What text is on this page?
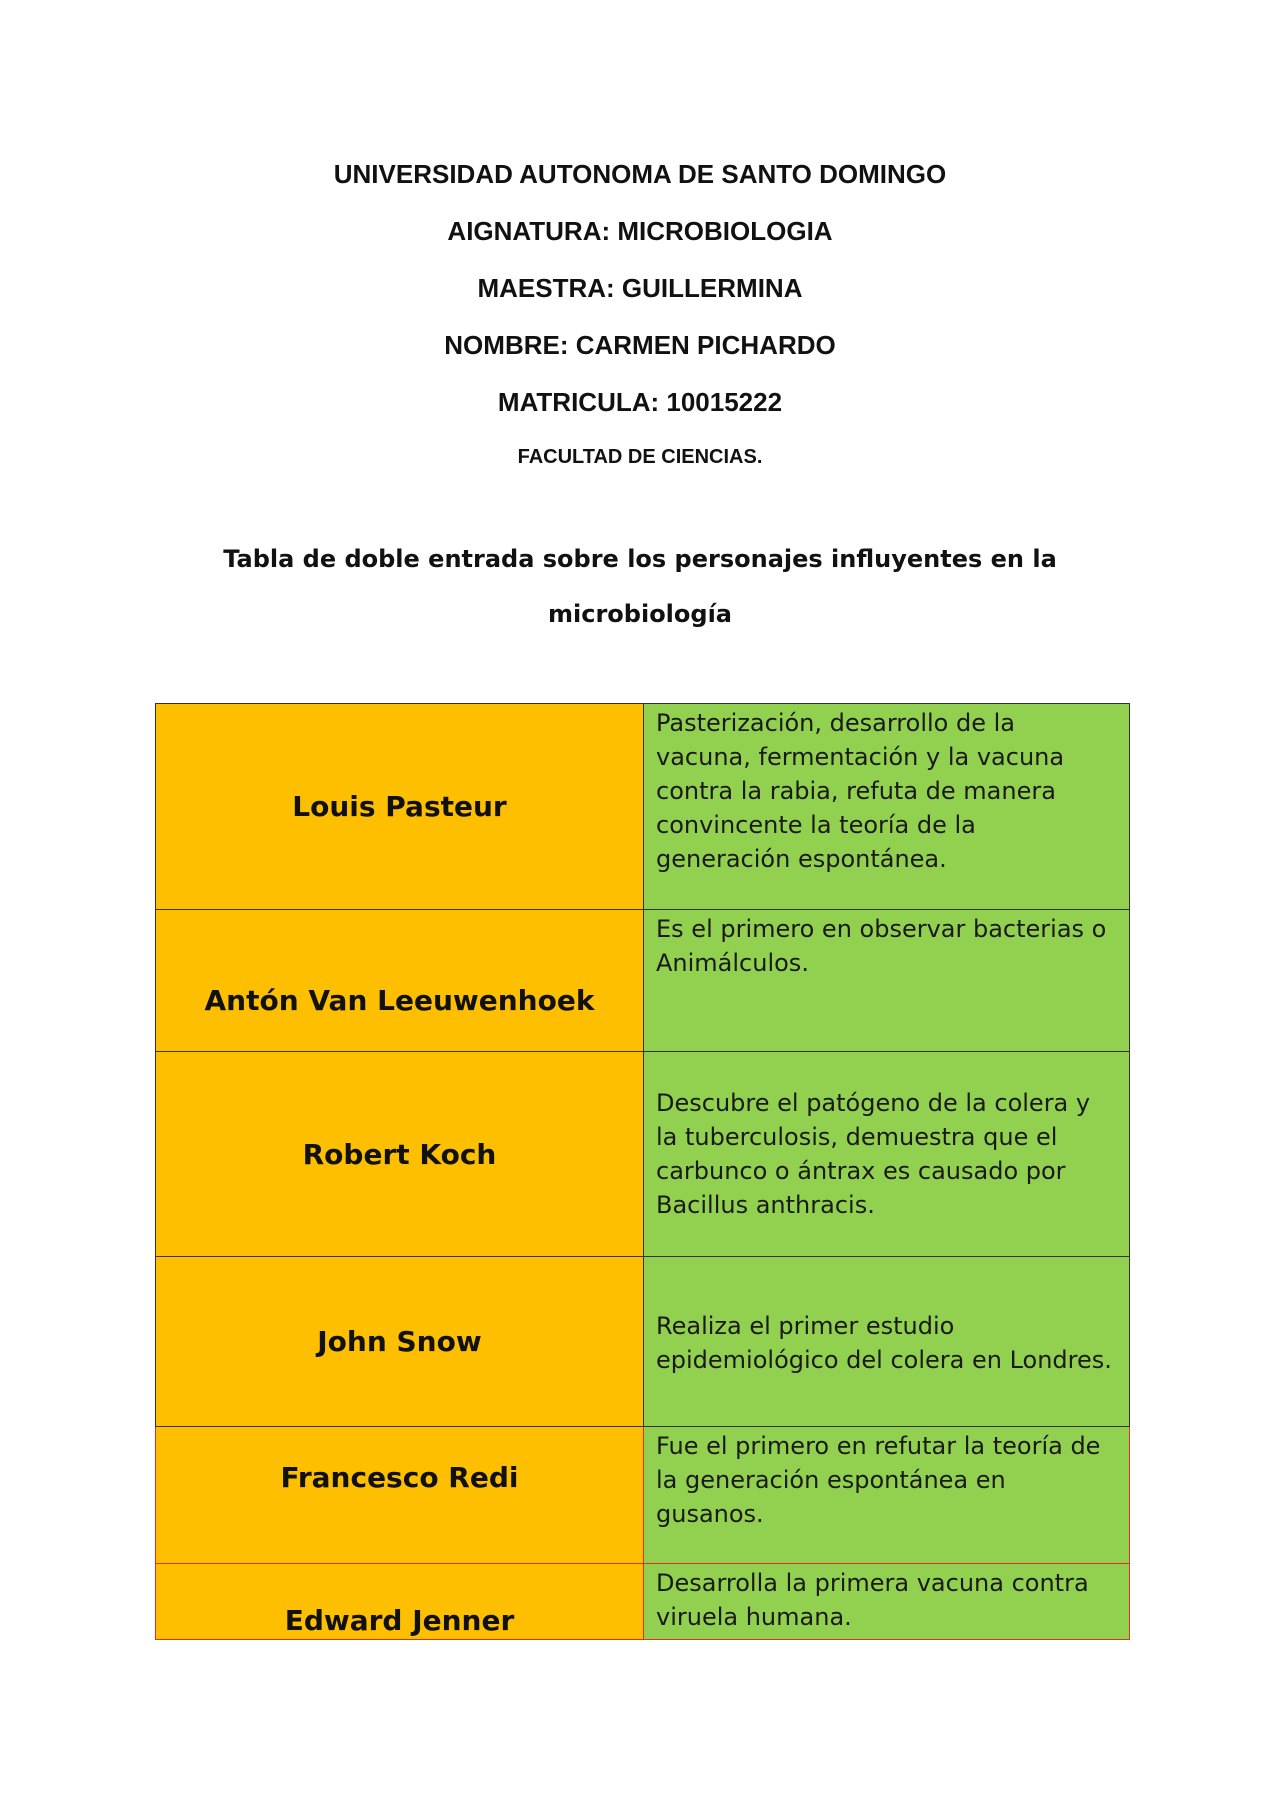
UNIVERSIDAD AUTONOMA DE SANTO DOMINGO
AIGNATURA: MICROBIOLOGIA
MAESTRA: GUILLERMINA
NOMBRE: CARMEN PICHARDO
MATRICULA: 10015222
FACULTAD DE CIENCIAS.
Tabla de doble entrada sobre los personajes influyentes en la
microbiología
Louis Pasteur	Pasterización, desarrollo de la vacuna, fermentación y la vacuna contra la rabia, refuta de manera convincente la teoría de la generación espontánea.

Antón Van Leeuwenhoek	Es el primero en observar bacterias o Animálculos.

Robert Koch	Descubre el patógeno de la colera y la tuberculosis, demuestra que el carbunco o ántrax es causado por Bacillus anthracis.

John Snow	Realiza el primer estudio epidemiológico del colera en Londres.

Francesco Redi	Fue el primero en refutar la teoría de la generación espontánea en gusanos.

Edward Jenner	Desarrolla la primera vacuna contra viruela humana.
